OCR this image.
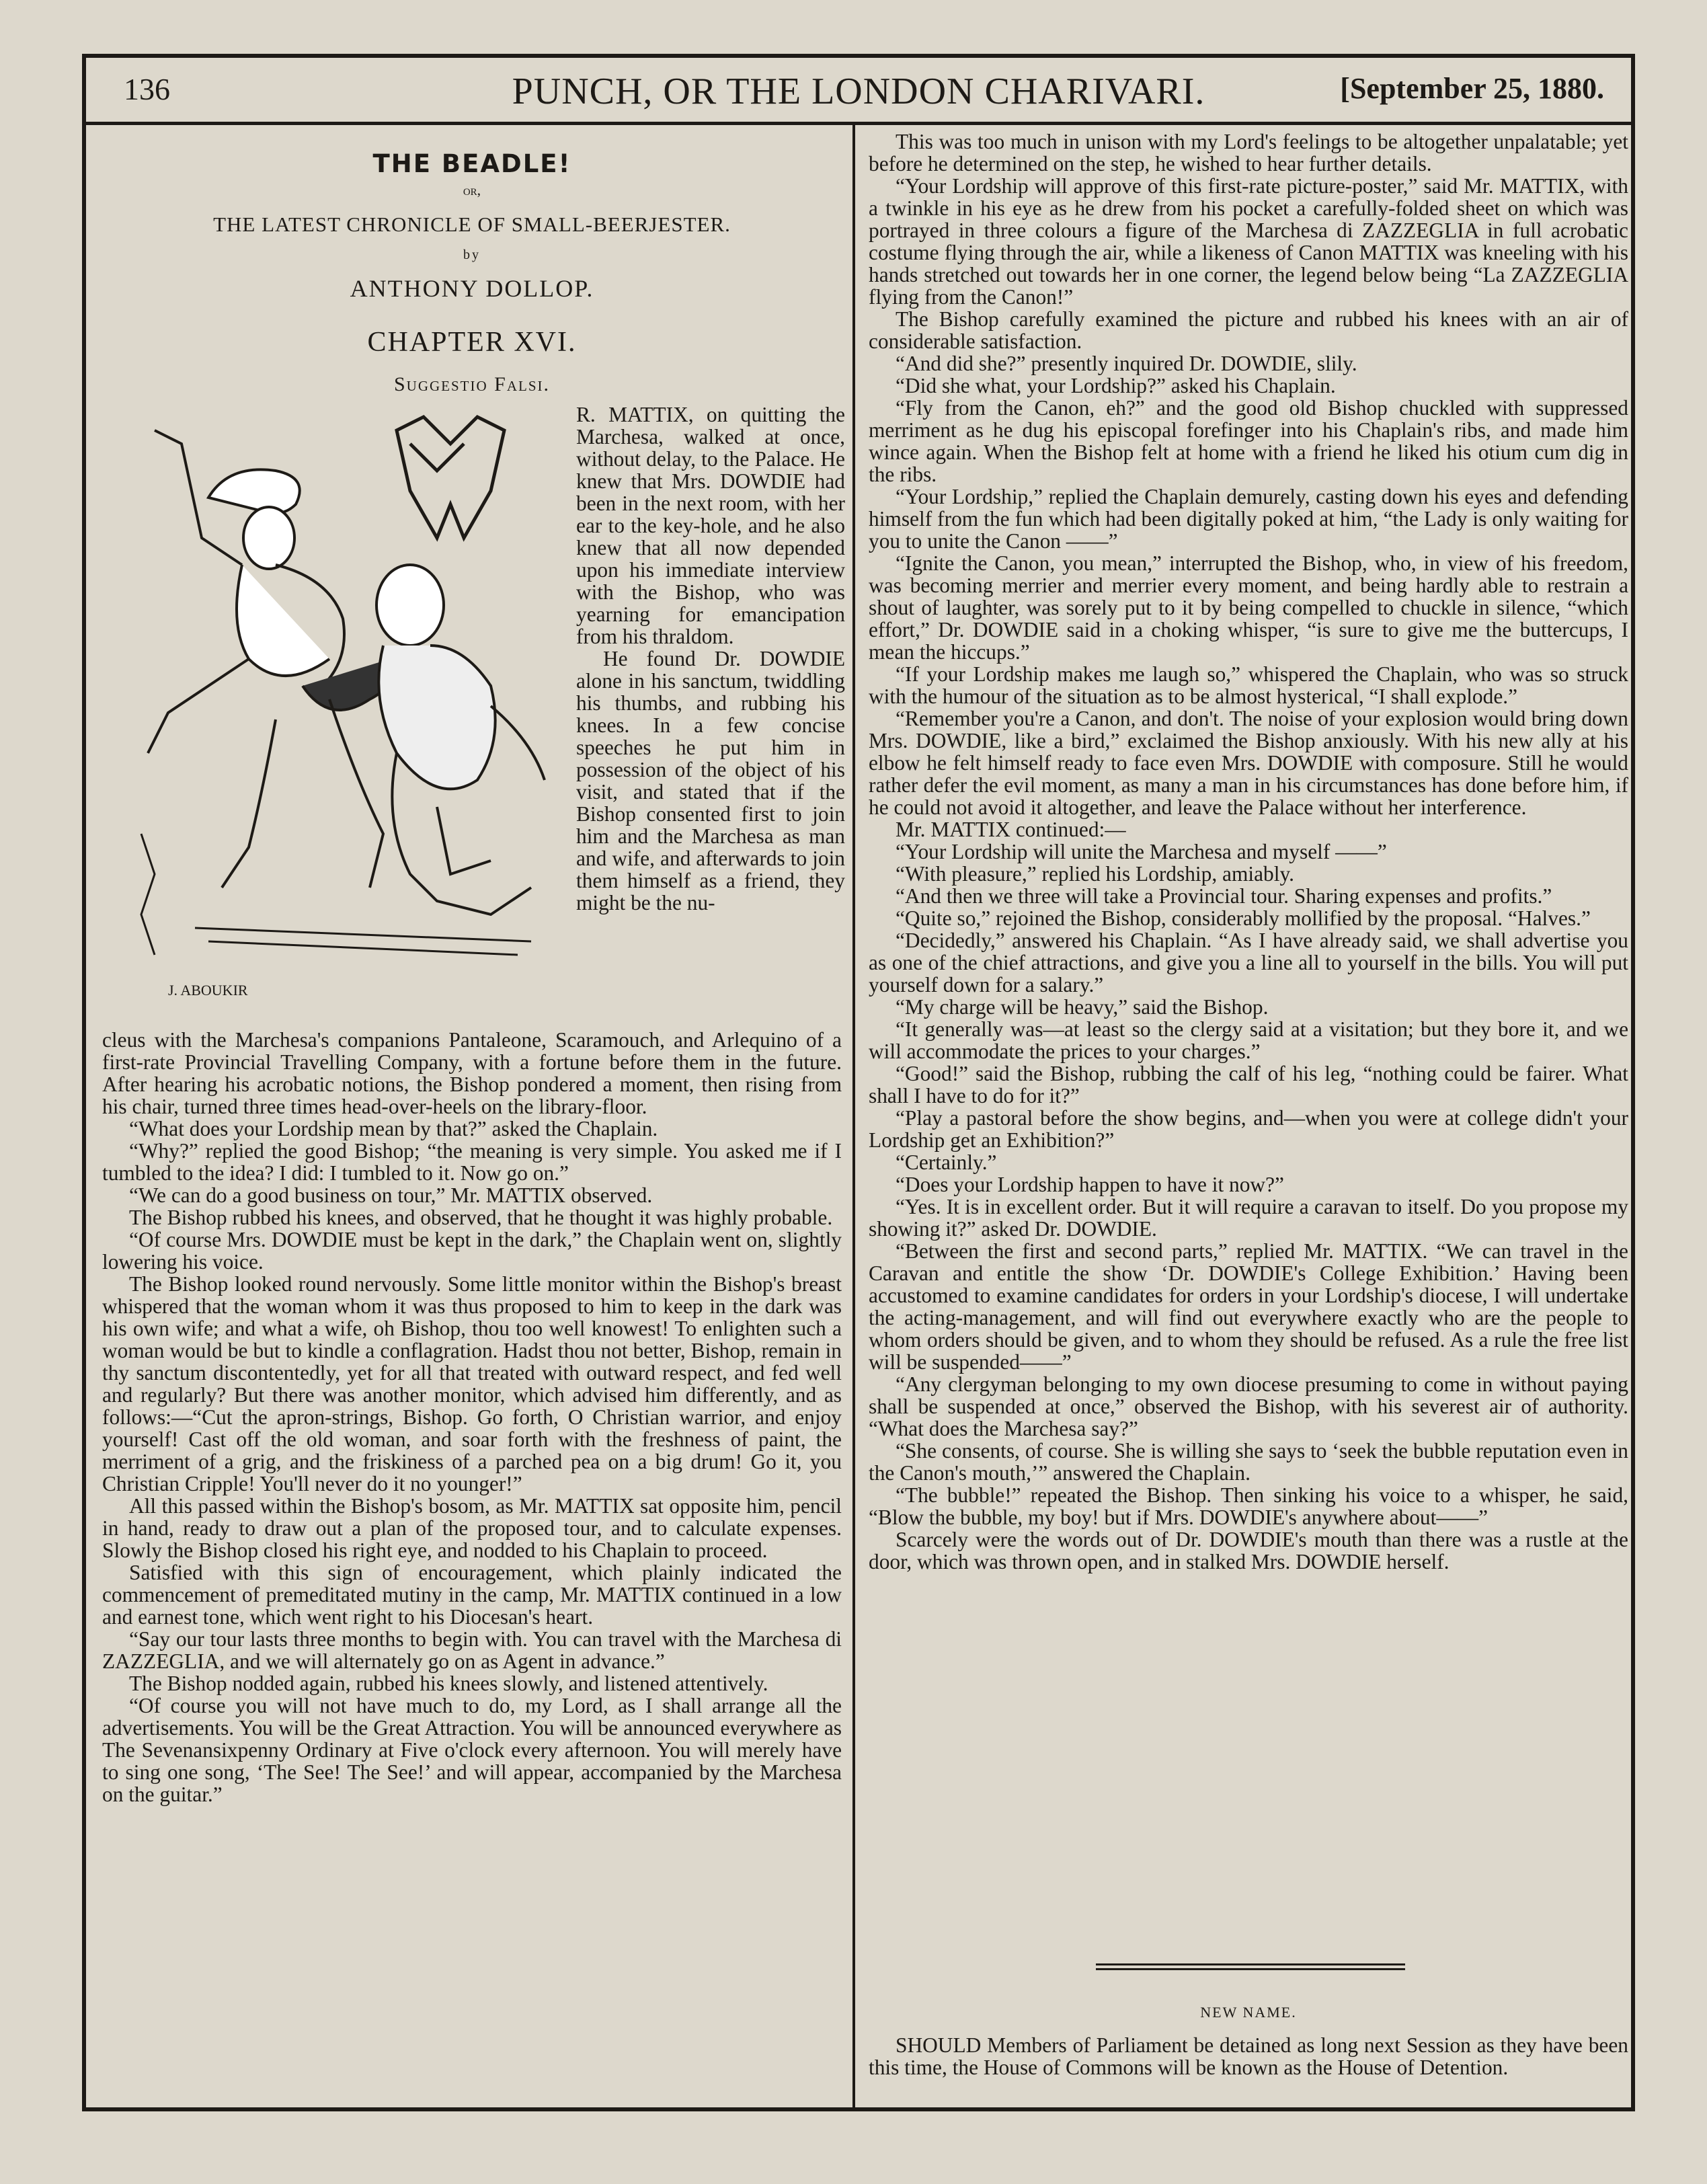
136	PUNCH, OR THE LONDON CHARIVARI.	[September 25, 1880.
THE BEADLE!
or,
THE LATEST CHRONICLE OF SMALL-BEERJESTER.
by
ANTHONY DOLLOP.
CHAPTER XVI.
Suggestio Falsi.
J. ABOUKIR

R. MATTIX, on quitting the Marchesa, walked at once, without delay, to the Palace. He knew that Mrs. DOWDIE had been in the next room, with her ear to the key-hole, and he also knew that all now depended upon his immediate interview with the Bishop, who was yearning for emancipation from his thraldom.

He found Dr. DOWDIE alone in his sanctum, twiddling his thumbs, and rubbing his knees. In a few concise speeches he put him in possession of the object of his visit, and stated that if the Bishop consented first to join him and the Marchesa as man and wife, and afterwards to join them himself as a friend, they might be the nu-

cleus with the Marchesa's companions Pantaleone, Scaramouch, and Arlequino of a first-rate Provincial Travelling Company, with a fortune before them in the future. After hearing his acrobatic notions, the Bishop pondered a moment, then rising from his chair, turned three times head-over-heels on the library-floor.

“What does your Lordship mean by that?” asked the Chaplain.

“Why?” replied the good Bishop; “the meaning is very simple. You asked me if I tumbled to the idea? I did: I tumbled to it. Now go on.”

“We can do a good business on tour,” Mr. MATTIX observed.

The Bishop rubbed his knees, and observed, that he thought it was highly probable.

“Of course Mrs. DOWDIE must be kept in the dark,” the Chaplain went on, slightly lowering his voice.

The Bishop looked round nervously. Some little monitor within the Bishop's breast whispered that the woman whom it was thus proposed to him to keep in the dark was his own wife; and what a wife, oh Bishop, thou too well knowest! To enlighten such a woman would be but to kindle a conflagration. Hadst thou not better, Bishop, remain in thy sanctum discontentedly, yet for all that treated with outward respect, and fed well and regularly? But there was another monitor, which advised him differently, and as follows:—“Cut the apron-strings, Bishop. Go forth, O Christian warrior, and enjoy yourself! Cast off the old woman, and soar forth with the freshness of paint, the merriment of a grig, and the friskiness of a parched pea on a big drum! Go it, you Christian Cripple! You'll never do it no younger!”

All this passed within the Bishop's bosom, as Mr. MATTIX sat opposite him, pencil in hand, ready to draw out a plan of the proposed tour, and to calculate expenses. Slowly the Bishop closed his right eye, and nodded to his Chaplain to proceed.

Satisfied with this sign of encouragement, which plainly indicated the commencement of premeditated mutiny in the camp, Mr. MATTIX continued in a low and earnest tone, which went right to his Diocesan's heart.

“Say our tour lasts three months to begin with. You can travel with the Marchesa di ZAZZEGLIA, and we will alternately go on as Agent in advance.”

The Bishop nodded again, rubbed his knees slowly, and listened attentively.

“Of course you will not have much to do, my Lord, as I shall arrange all the advertisements. You will be the Great Attraction. You will be announced everywhere as The Sevenansixpenny Ordinary at Five o'clock every afternoon. You will merely have to sing one song, ‘The See! The See!’ and will appear, accompanied by the Marchesa on the guitar.”

This was too much in unison with my Lord's feelings to be altogether unpalatable; yet before he determined on the step, he wished to hear further details.

“Your Lordship will approve of this first-rate picture-poster,” said Mr. MATTIX, with a twinkle in his eye as he drew from his pocket a carefully-folded sheet on which was portrayed in three colours a figure of the Marchesa di ZAZZEGLIA in full acrobatic costume flying through the air, while a likeness of Canon MATTIX was kneeling with his hands stretched out towards her in one corner, the legend below being “La ZAZZEGLIA flying from the Canon!”

The Bishop carefully examined the picture and rubbed his knees with an air of considerable satisfaction.

“And did she?” presently inquired Dr. DOWDIE, slily.

“Did she what, your Lordship?” asked his Chaplain.

“Fly from the Canon, eh?” and the good old Bishop chuckled with suppressed merriment as he dug his episcopal forefinger into his Chaplain's ribs, and made him wince again. When the Bishop felt at home with a friend he liked his otium cum dig in the ribs.

“Your Lordship,” replied the Chaplain demurely, casting down his eyes and defending himself from the fun which had been digitally poked at him, “the Lady is only waiting for you to unite the Canon ——”

“Ignite the Canon, you mean,” interrupted the Bishop, who, in view of his freedom, was becoming merrier and merrier every moment, and being hardly able to restrain a shout of laughter, was sorely put to it by being compelled to chuckle in silence, “which effort,” Dr. DOWDIE said in a choking whisper, “is sure to give me the buttercups, I mean the hiccups.”

“If your Lordship makes me laugh so,” whispered the Chaplain, who was so struck with the humour of the situation as to be almost hysterical, “I shall explode.”

“Remember you're a Canon, and don't. The noise of your explosion would bring down Mrs. DOWDIE, like a bird,” exclaimed the Bishop anxiously. With his new ally at his elbow he felt himself ready to face even Mrs. DOWDIE with composure. Still he would rather defer the evil moment, as many a man in his circumstances has done before him, if he could not avoid it altogether, and leave the Palace without her interference.

Mr. MATTIX continued:—

“Your Lordship will unite the Marchesa and myself ——”

“With pleasure,” replied his Lordship, amiably.

“And then we three will take a Provincial tour. Sharing expenses and profits.”

“Quite so,” rejoined the Bishop, considerably mollified by the proposal. “Halves.”

“Decidedly,” answered his Chaplain. “As I have already said, we shall advertise you as one of the chief attractions, and give you a line all to yourself in the bills. You will put yourself down for a salary.”

“My charge will be heavy,” said the Bishop.

“It generally was—at least so the clergy said at a visitation; but they bore it, and we will accommodate the prices to your charges.”

“Good!” said the Bishop, rubbing the calf of his leg, “nothing could be fairer. What shall I have to do for it?”

“Play a pastoral before the show begins, and—when you were at college didn't your Lordship get an Exhibition?”

“Certainly.”

“Does your Lordship happen to have it now?”

“Yes. It is in excellent order. But it will require a caravan to itself. Do you propose my showing it?” asked Dr. DOWDIE.

“Between the first and second parts,” replied Mr. MATTIX. “We can travel in the Caravan and entitle the show ‘Dr. DOWDIE's College Exhibition.’ Having been accustomed to examine candidates for orders in your Lordship's diocese, I will undertake the acting-management, and will find out everywhere exactly who are the people to whom orders should be given, and to whom they should be refused. As a rule the free list will be suspended——”

“Any clergyman belonging to my own diocese presuming to come in without paying shall be suspended at once,” observed the Bishop, with his severest air of authority. “What does the Marchesa say?”

“She consents, of course. She is willing she says to ‘seek the bubble reputation even in the Canon's mouth,’” answered the Chaplain.

“The bubble!” repeated the Bishop. Then sinking his voice to a whisper, he said, “Blow the bubble, my boy! but if Mrs. DOWDIE's anywhere about——”

Scarcely were the words out of Dr. DOWDIE's mouth than there was a rustle at the door, which was thrown open, and in stalked Mrs. DOWDIE herself.

NEW NAME.

SHOULD Members of Parliament be detained as long next Session as they have been this time, the House of Commons will be known as the House of Detention.
